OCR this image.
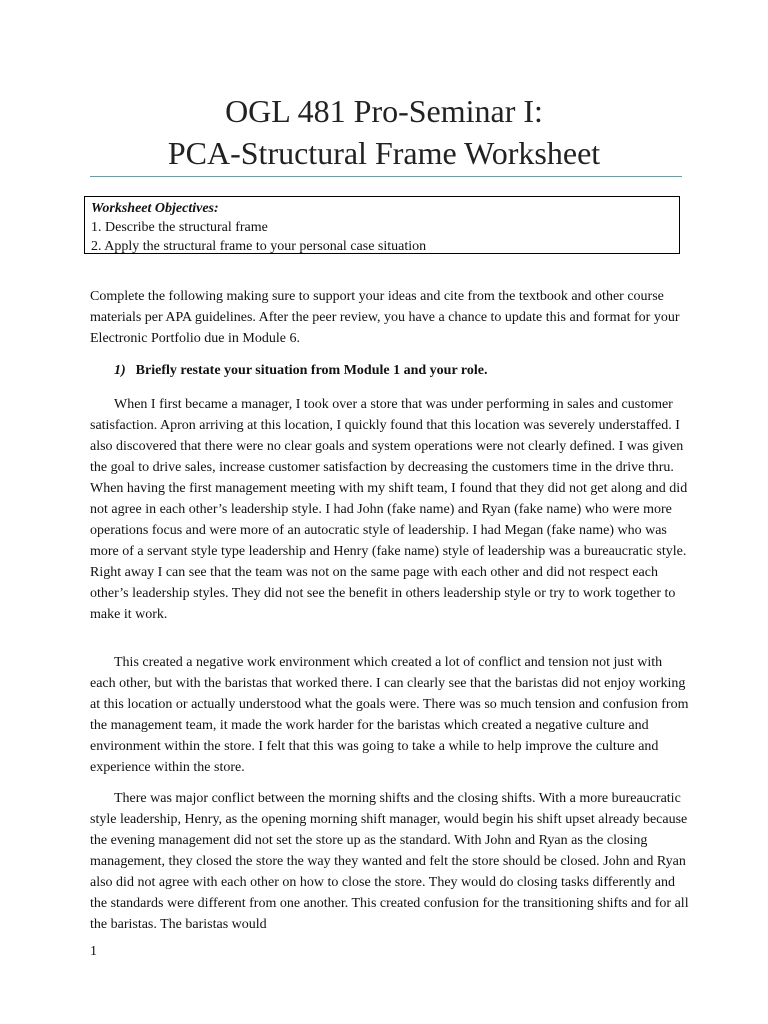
OGL 481 Pro-Seminar I:
PCA-Structural Frame Worksheet
Worksheet Objectives:
1. Describe the structural frame
2. Apply the structural frame to your personal case situation

Complete the following making sure to support your ideas and cite from the textbook and other course materials per APA guidelines. After the peer review, you have a chance to update this and format for your Electronic Portfolio due in Module 6.

1) Briefly restate your situation from Module 1 and your role.

When I first became a manager, I took over a store that was under performing in sales and customer satisfaction. Apron arriving at this location, I quickly found that this location was severely understaffed. I also discovered that there were no clear goals and system operations were not clearly defined. I was given the goal to drive sales, increase customer satisfaction by decreasing the customers time in the drive thru. When having the first management meeting with my shift team, I found that they did not get along and did not agree in each other’s leadership style. I had John (fake name) and Ryan (fake name) who were more operations focus and were more of an autocratic style of leadership. I had Megan (fake name) who was more of a servant style type leadership and Henry (fake name) style of leadership was a bureaucratic style. Right away I can see that the team was not on the same page with each other and did not respect each other’s leadership styles. They did not see the benefit in others leadership style or try to work together to make it work.

This created a negative work environment which created a lot of conflict and tension not just with each other, but with the baristas that worked there. I can clearly see that the baristas did not enjoy working at this location or actually understood what the goals were. There was so much tension and confusion from the management team, it made the work harder for the baristas which created a negative culture and environment within the store. I felt that this was going to take a while to help improve the culture and experience within the store.

There was major conflict between the morning shifts and the closing shifts. With a more bureaucratic style leadership, Henry, as the opening morning shift manager, would begin his shift upset already because the evening management did not set the store up as the standard. With John and Ryan as the closing management, they closed the store the way they wanted and felt the store should be closed. John and Ryan also did not agree with each other on how to close the store. They would do closing tasks differently and the standards were different from one another. This created confusion for the transitioning shifts and for all the baristas. The baristas would

1
